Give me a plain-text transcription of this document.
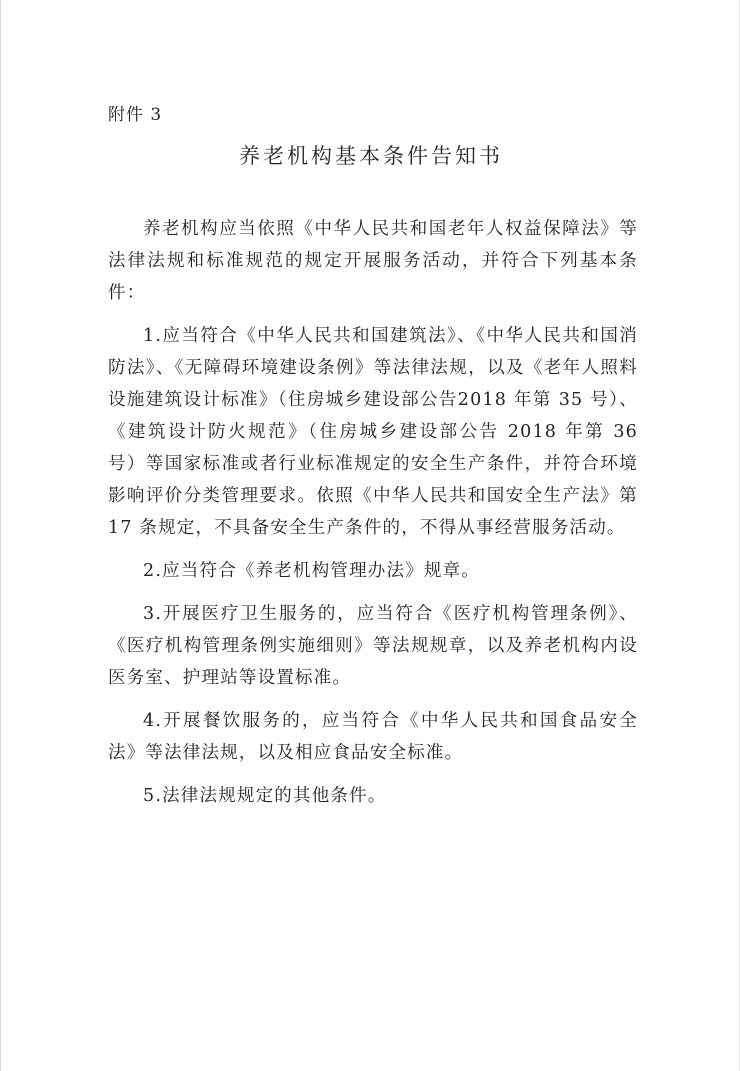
附件 3
养老机构基本条件告知书

养老机构应当依照《中华人民共和国老年人权益保障法》等法律法规和标准规范的规定开展服务活动，并符合下列基本条件：

1.应当符合《中华人民共和国建筑法》、《中华人民共和国消防法》、《无障碍环境建设条例》等法律法规，以及《老年人照料设施建筑设计标准》（住房城乡建设部公告2018 年第 35 号）、《建筑设计防火规范》（住房城乡建设部公告 2018 年第 36 号）等国家标准或者行业标准规定的安全生产条件，并符合环境影响评价分类管理要求。依照《中华人民共和国安全生产法》第 17 条规定，不具备安全生产条件的，不得从事经营服务活动。

2.应当符合《养老机构管理办法》规章。

3.开展医疗卫生服务的，应当符合《医疗机构管理条例》、《医疗机构管理条例实施细则》等法规规章，以及养老机构内设医务室、护理站等设置标准。

4.开展餐饮服务的，应当符合《中华人民共和国食品安全法》等法律法规，以及相应食品安全标准。

5.法律法规规定的其他条件。
